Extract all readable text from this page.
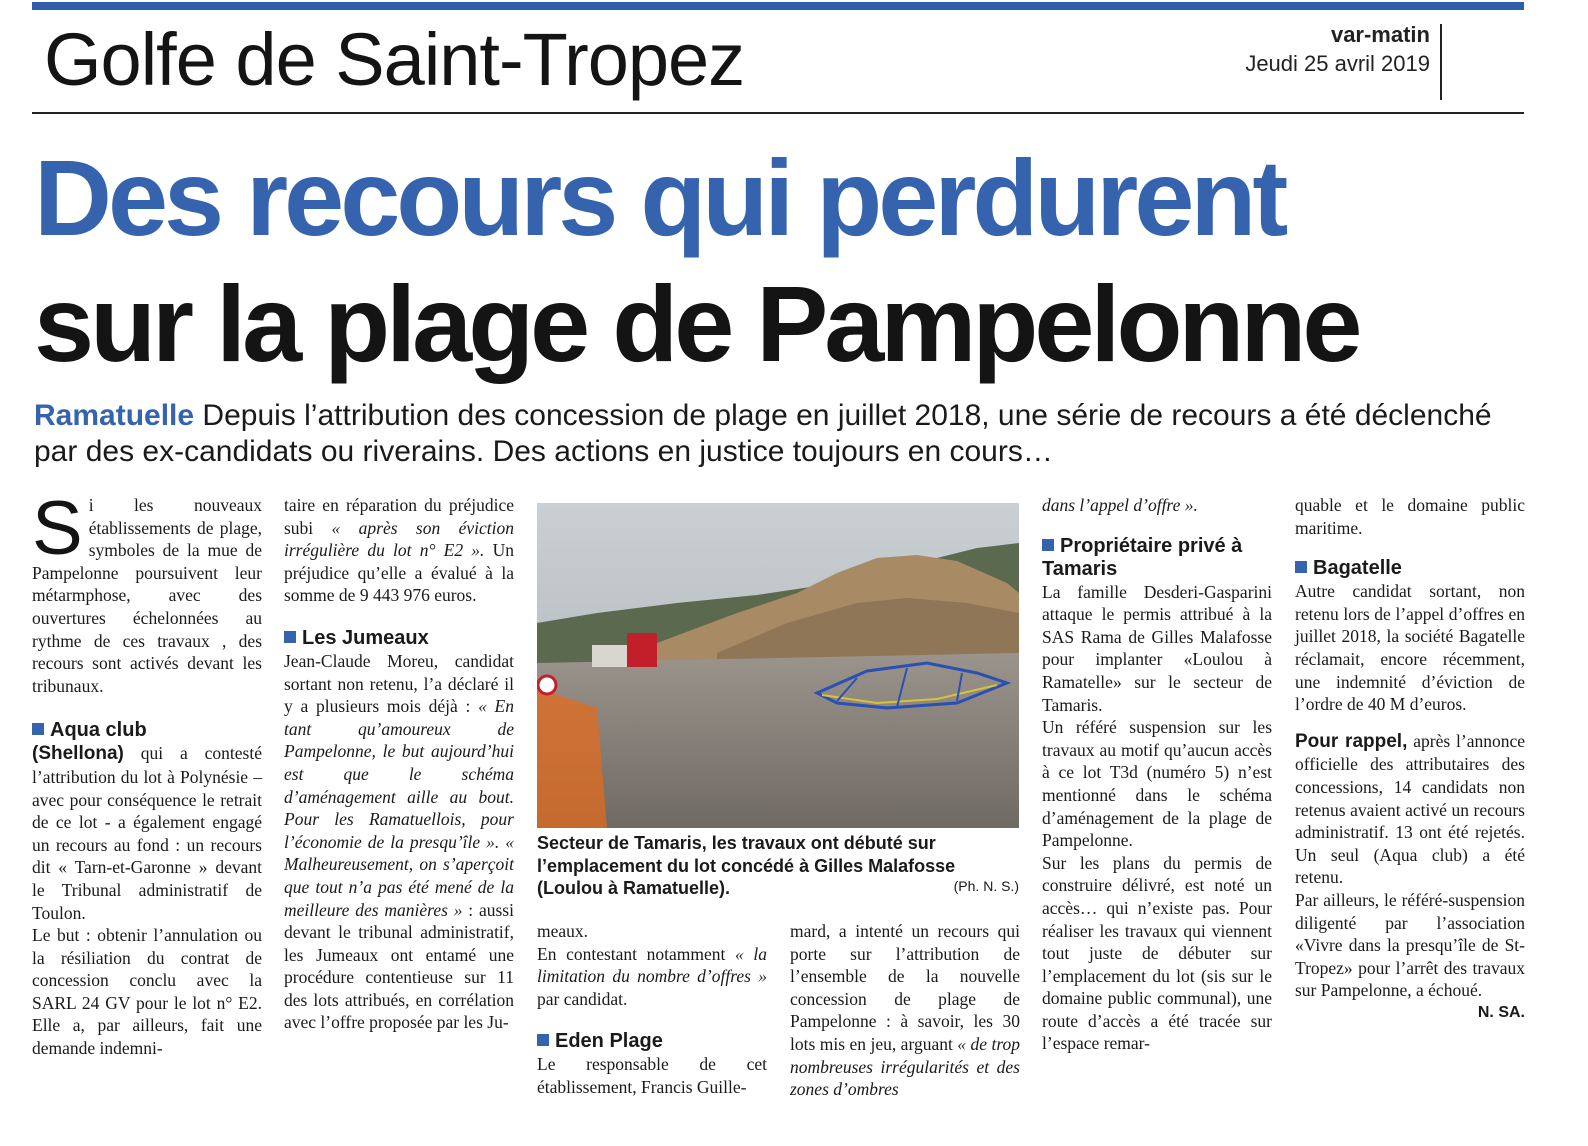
Golfe de Saint-Tropez	var-matin
Jeudi 25 avril 2019
Des recours qui perdurent
sur la plage de Pampelonne
Ramatuelle Depuis l’attribution des concession de plage en juillet 2018, une série de recours a été déclenché par des ex-candidats ou riverains. Des actions en justice toujours en cours…

Si les nouveaux établissements de plage, symboles de la mue de Pampelonne poursuivent leur métarmphose, avec des ouvertures échelonnées au rythme de ces travaux , des recours sont activés devant les tribunaux.

Aqua club

(Shellona) qui a contesté l’attribution du lot à Polynésie – avec pour conséquence le retrait de ce lot - a également engagé un recours au fond : un recours dit « Tarn-et-Garonne » devant le Tribunal administratif de Toulon.

Le but : obtenir l’annulation ou la résiliation du contrat de concession conclu avec la SARL 24 GV pour le lot n° E2. Elle a, par ailleurs, fait une demande indemni-

taire en réparation du préjudice subi « après son éviction irrégulière du lot n° E2 ». Un préjudice qu’elle a évalué à la somme de 9 443 976 euros.

Les Jumeaux

Jean-Claude Moreu, candidat sortant non retenu, l’a déclaré il y a plusieurs mois déjà : « En tant qu’amoureux de Pampelonne, le but aujourd’hui est que le schéma d’aménagement aille au bout. Pour les Ramatuellois, pour l’économie de la presqu’île ». « Malheureusement, on s’aperçoit que tout n’a pas été mené de la meilleure des manières » : aussi devant le tribunal administratif, les Jumeaux ont entamé une procédure contentieuse sur 11 des lots attribués, en corrélation avec l’offre proposée par les Ju-

Secteur de Tamaris, les travaux ont débuté sur l’emplacement du lot concédé à Gilles Malafosse (Loulou à Ramatuelle).	(Ph. N. S.)

meaux.

En contestant notamment « la limitation du nombre d’offres » par candidat.

Eden Plage

Le responsable de cet établissement, Francis Guille-

mard, a intenté un recours qui porte sur l’attribution de l’ensemble de la nouvelle concession de plage de Pampelonne : à savoir, les 30 lots mis en jeu, arguant « de trop nombreuses irrégularités et des zones d’ombres

dans l’appel d’offre ».

Propriétaire privé à Tamaris

La famille Desderi-Gasparini attaque le permis attribué à la SAS Rama de Gilles Malafosse pour implanter «Loulou à Ramatelle» sur le secteur de Tamaris.

Un référé suspension sur les travaux au motif qu’aucun accès à ce lot T3d (numéro 5) n’est mentionné dans le schéma d’aménagement de la plage de Pampelonne.

Sur les plans du permis de construire délivré, est noté un accès… qui n’existe pas. Pour réaliser les travaux qui viennent tout juste de débuter sur l’emplacement du lot (sis sur le domaine public communal), une route d’accès a été tracée sur l’espace remar-

quable et le domaine public maritime.

Bagatelle

Autre candidat sortant, non retenu lors de l’appel d’offres en juillet 2018, la société Bagatelle réclamait, encore récemment, une indemnité d’éviction de l’ordre de 40 M d’euros.

Pour rappel, après l’annonce officielle des attributaires des concessions, 14 candidats non retenus avaient activé un recours administratif. 13 ont été rejetés. Un seul (Aqua club) a été retenu.

Par ailleurs, le référé-suspension diligenté par l’association «Vivre dans la presqu’île de St-Tropez» pour l’arrêt des travaux sur Pampelonne, a échoué.

N. SA.
